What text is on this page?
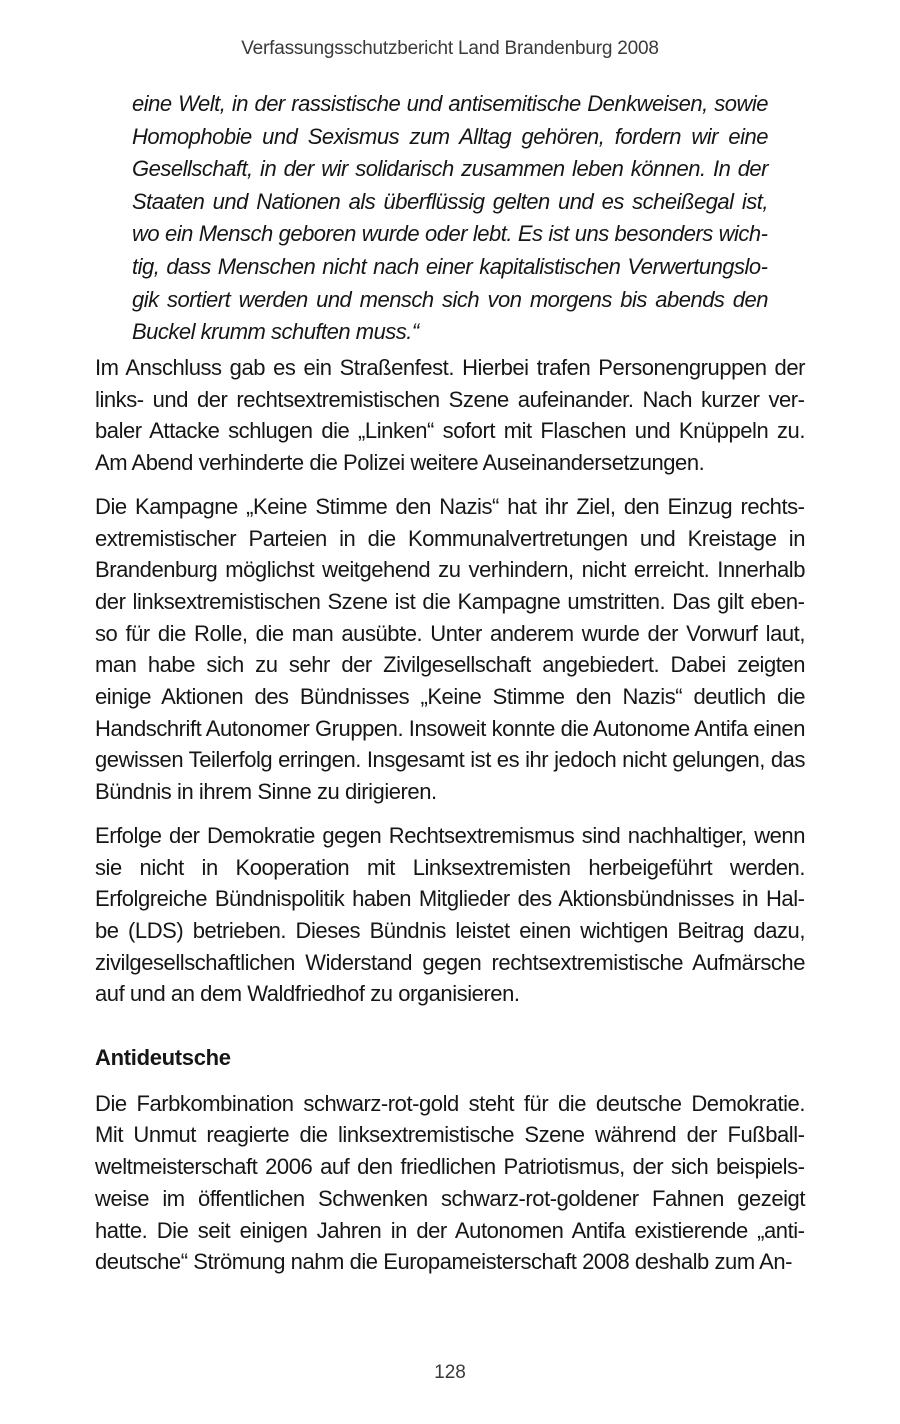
Verfassungsschutzbericht Land Brandenburg 2008
eine Welt, in der rassistische und antisemitische Denkweisen, sowie Homophobie und Sexismus zum Alltag gehören, fordern wir eine Gesellschaft, in der wir solidarisch zusammen leben können. In der Staaten und Nationen als überflüssig gelten und es scheißegal ist, wo ein Mensch geboren wurde oder lebt. Es ist uns besonders wichtig, dass Menschen nicht nach einer kapitalistischen Verwertungslogik sortiert werden und mensch sich von morgens bis abends den Buckel krumm schuften muss.“

Im Anschluss gab es ein Straßenfest. Hierbei trafen Personengruppen der links- und der rechtsextremistischen Szene aufeinander. Nach kurzer verbaler Attacke schlugen die „Linken“ sofort mit Flaschen und Knüppeln zu. Am Abend verhinderte die Polizei weitere Auseinandersetzungen.

Die Kampagne „Keine Stimme den Nazis“ hat ihr Ziel, den Einzug rechtsextremistischer Parteien in die Kommunalvertretungen und Kreistage in Brandenburg möglichst weitgehend zu verhindern, nicht erreicht. Innerhalb der linksextremistischen Szene ist die Kampagne umstritten. Das gilt ebenso für die Rolle, die man ausübte. Unter anderem wurde der Vorwurf laut, man habe sich zu sehr der Zivilgesellschaft angebiedert. Dabei zeigten einige Aktionen des Bündnisses „Keine Stimme den Nazis“ deutlich die Handschrift Autonomer Gruppen. Insoweit konnte die Autonome Antifa einen gewissen Teilerfolg erringen. Insgesamt ist es ihr jedoch nicht gelungen, das Bündnis in ihrem Sinne zu dirigieren.

Erfolge der Demokratie gegen Rechtsextremismus sind nachhaltiger, wenn sie nicht in Kooperation mit Linksextremisten herbeigeführt werden. Erfolgreiche Bündnispolitik haben Mitglieder des Aktionsbündnisses in Halbe (LDS) betrieben. Dieses Bündnis leistet einen wichtigen Beitrag dazu, zivilgesellschaftlichen Widerstand gegen rechtsextremistische Aufmärsche auf und an dem Waldfriedhof zu organisieren.

Antideutsche

Die Farbkombination schwarz-rot-gold steht für die deutsche Demokratie. Mit Unmut reagierte die linksextremistische Szene während der Fußballweltmeisterschaft 2006 auf den friedlichen Patriotismus, der sich beispielsweise im öffentlichen Schwenken schwarz-rot-goldener Fahnen gezeigt hatte. Die seit einigen Jahren in der Autonomen Antifa existierende „antideutsche“ Strömung nahm die Europameisterschaft 2008 deshalb zum An-

128
